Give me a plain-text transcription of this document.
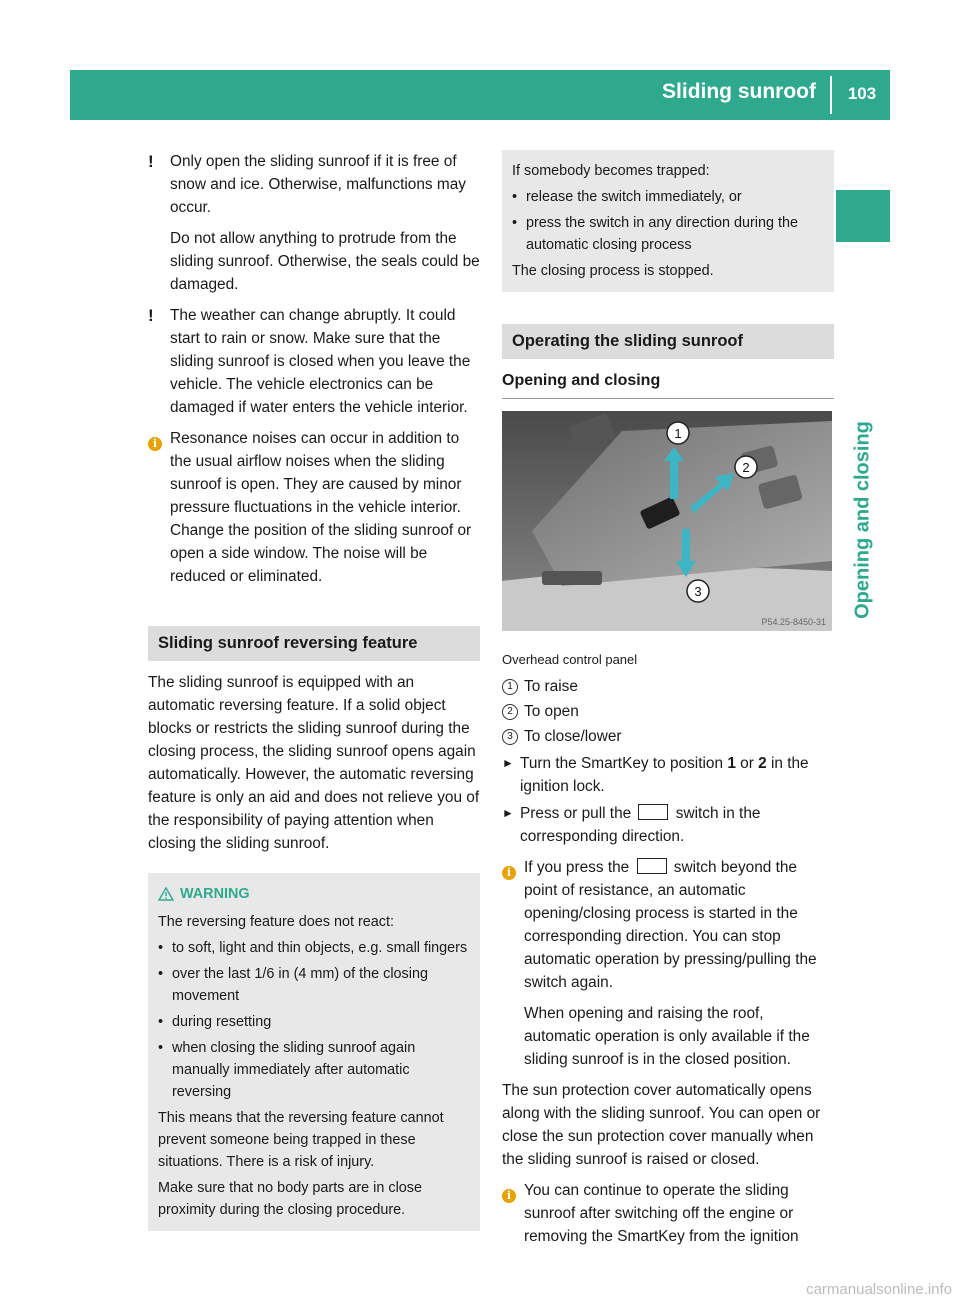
Sliding sunroof	103
Opening and closing
! Only open the sliding sunroof if it is free of snow and ice. Otherwise, malfunctions may occur.

Do not allow anything to protrude from the sliding sunroof. Otherwise, the seals could be damaged.

! The weather can change abruptly. It could start to rain or snow. Make sure that the sliding sunroof is closed when you leave the vehicle. The vehicle electronics can be damaged if water enters the vehicle interior.

i Resonance noises can occur in addition to the usual airflow noises when the sliding sunroof is open. They are caused by minor pressure fluctuations in the vehicle interior. Change the position of the sliding sunroof or open a side window. The noise will be reduced or eliminated.

Sliding sunroof reversing feature

The sliding sunroof is equipped with an automatic reversing feature. If a solid object blocks or restricts the sliding sunroof during the closing process, the sliding sunroof opens again automatically. However, the automatic reversing feature is only an aid and does not relieve you of the responsibility of paying attention when closing the sliding sunroof.

WARNING

The reversing feature does not react:

• to soft, light and thin objects, e.g. small fingers
• over the last 1/6 in (4 mm) of the closing movement
• during resetting
• when closing the sliding sunroof again manually immediately after automatic reversing

This means that the reversing feature cannot prevent someone being trapped in these situations. There is a risk of injury.

Make sure that no body parts are in close proximity during the closing procedure.

If somebody becomes trapped:

• release the switch immediately, or
• press the switch in any direction during the automatic closing process

The closing process is stopped.

Operating the sliding sunroof
Opening and closing
1
2
3
P54.25-8450-31

Overhead control panel

1 To raise
2 To open
3 To close/lower
► Turn the SmartKey to position 1 or 2 in the ignition lock.
► Press or pull the  switch in the corresponding direction.
i If you press the  switch beyond the point of resistance, an automatic opening/closing process is started in the corresponding direction. You can stop automatic operation by pressing/pulling the switch again.

When opening and raising the roof, automatic operation is only available if the sliding sunroof is in the closed position.

The sun protection cover automatically opens along with the sliding sunroof. You can open or close the sun protection cover manually when the sliding sunroof is raised or closed.

i You can continue to operate the sliding sunroof after switching off the engine or removing the SmartKey from the ignition

carmanualsonline.info
